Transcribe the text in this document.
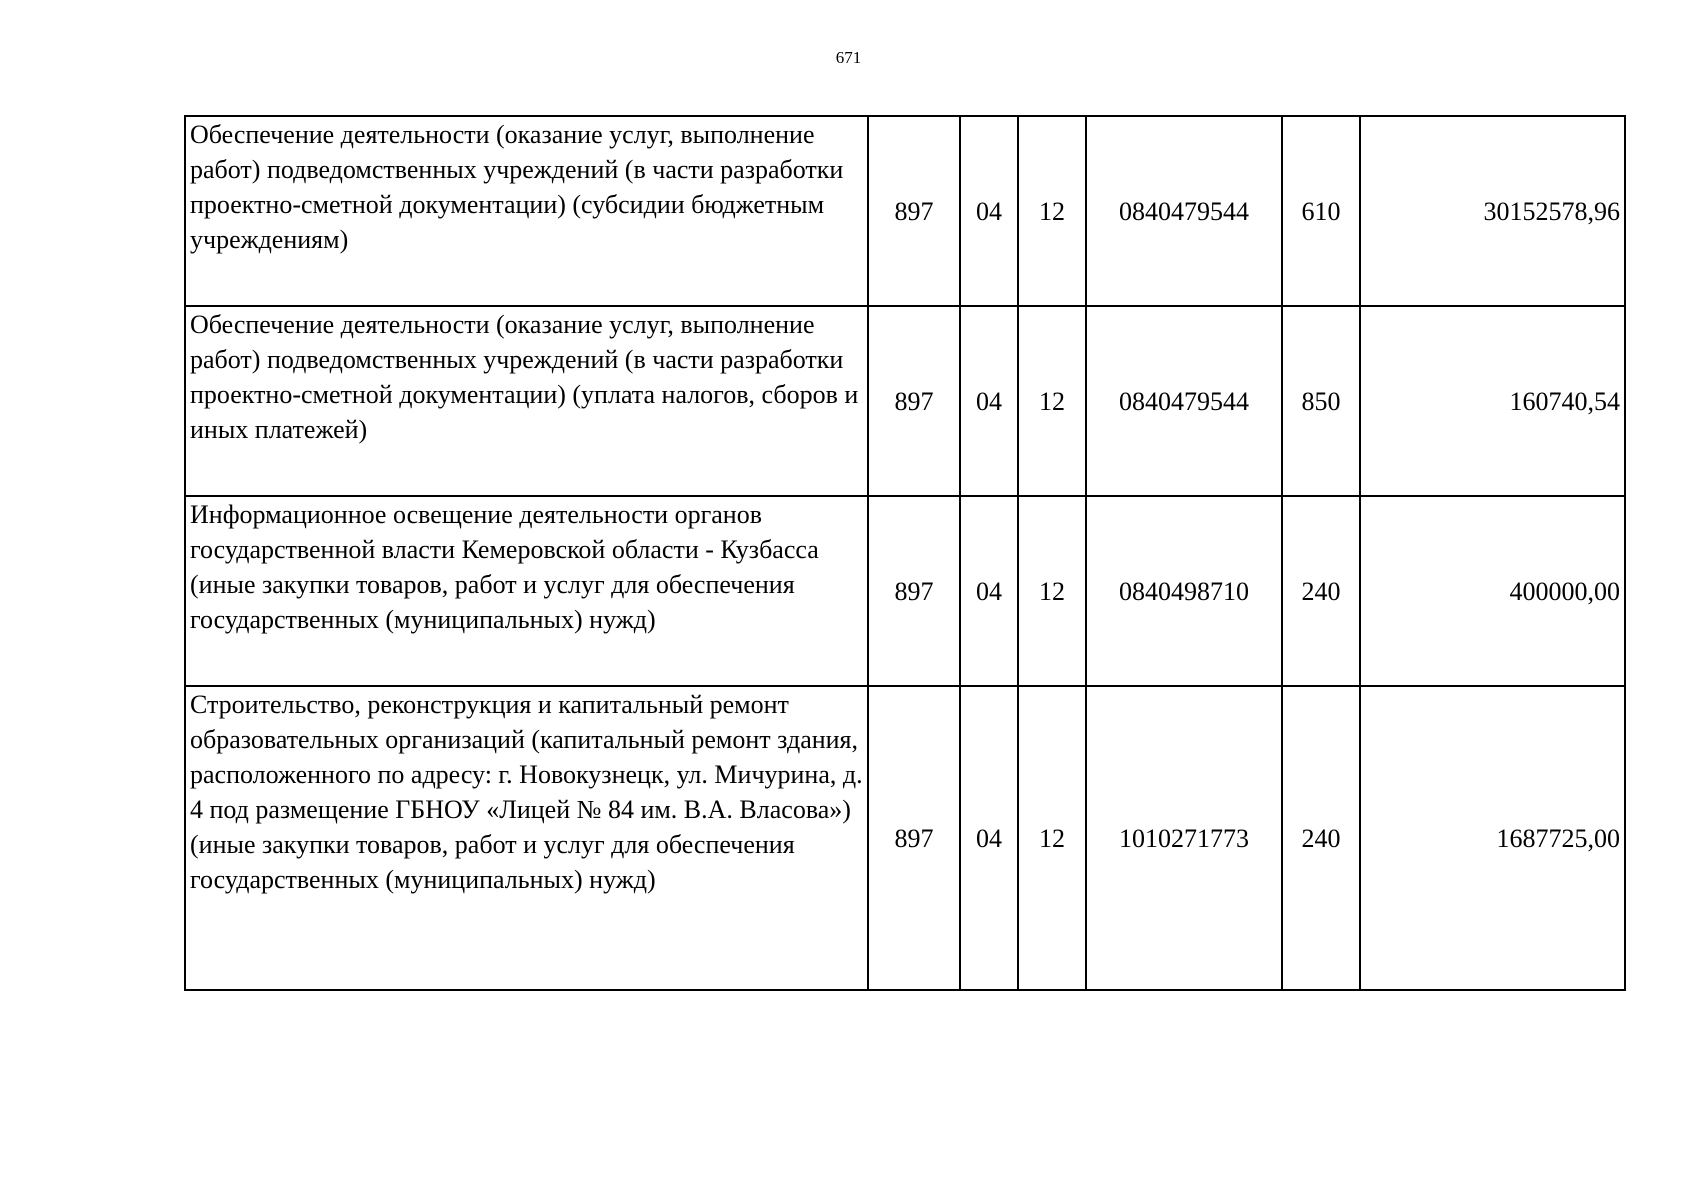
671
Обеспечение деятельности (оказание услуг, выполнение работ) подведомственных учреждений (в части разработки проектно-сметной документации) (субсидии бюджетным учреждениям)	897	04	12	0840479544	610	30152578,96
Обеспечение деятельности (оказание услуг, выполнение работ) подведомственных учреждений (в части разработки проектно-сметной документации) (уплата налогов, сборов и иных платежей)	897	04	12	0840479544	850	160740,54
Информационное освещение деятельности органов государственной власти Кемеровской области - Кузбасса (иные закупки товаров, работ и услуг для обеспечения государственных (муниципальных) нужд)	897	04	12	0840498710	240	400000,00
Строительство, реконструкция и капитальный ремонт образовательных организаций (капитальный ремонт здания, расположенного по адресу: г. Новокузнецк, ул. Мичурина, д. 4 под размещение ГБНОУ «Лицей № 84 им. В.А. Власова») (иные закупки товаров, работ и услуг для обеспечения государственных (муниципальных) нужд)	897	04	12	1010271773	240	1687725,00
